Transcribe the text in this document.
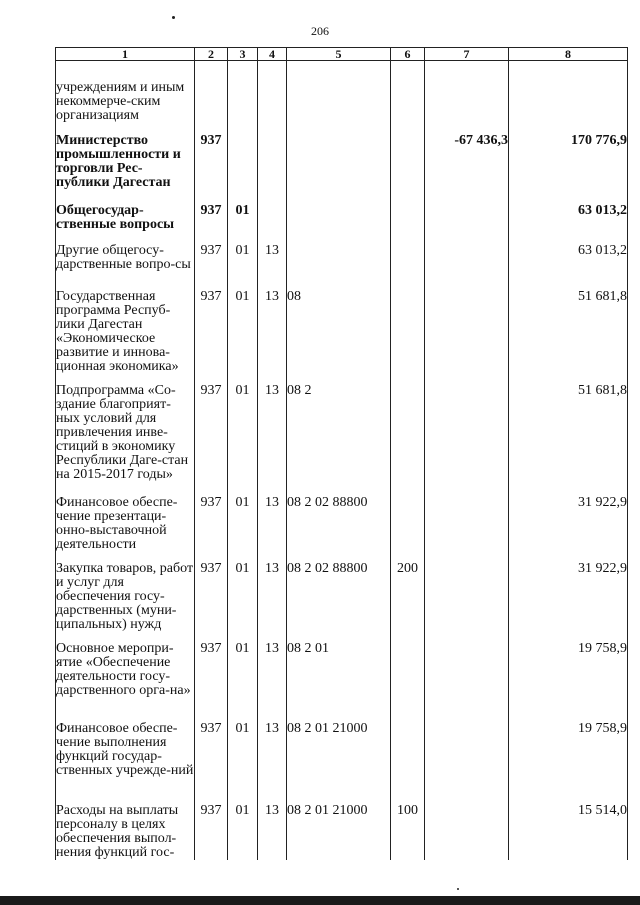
206
1	2	3	4	5	6	7	8
учреждениям и иным некоммерче-ским организациям							
Министерство промышленности и торговли Рес-публики Дагестан	937					-67 436,3	170 776,9
Общегосудар-ственные вопросы	937	01					63 013,2
Другие общегосу-дарственные вопро-сы	937	01	13				63 013,2
Государственная программа Респуб-лики Дагестан «Экономическое развитие и иннова-ционная экономика»	937	01	13	08			51 681,8
Подпрограмма «Со-здание благоприят-ных условий для привлечения инве-стиций в экономику Республики Даге-стан на 2015-2017 годы»	937	01	13	08 2			51 681,8
Финансовое обеспе-чение презентаци-онно-выставочной деятельности	937	01	13	08 2 02 88800			31 922,9
Закупка товаров, работ и услуг для обеспечения госу-дарственных (муни-ципальных) нужд	937	01	13	08 2 02 88800	200		31 922,9
Основное меропри-ятие «Обеспечение деятельности госу-дарственного орга-на»	937	01	13	08 2 01			19 758,9
Финансовое обеспе-чение выполнения функций государ-ственных учрежде-ний	937	01	13	08 2 01 21000			19 758,9
Расходы на выплаты персоналу в целях обеспечения выпол-нения функций гос-	937	01	13	08 2 01 21000	100		15 514,0
